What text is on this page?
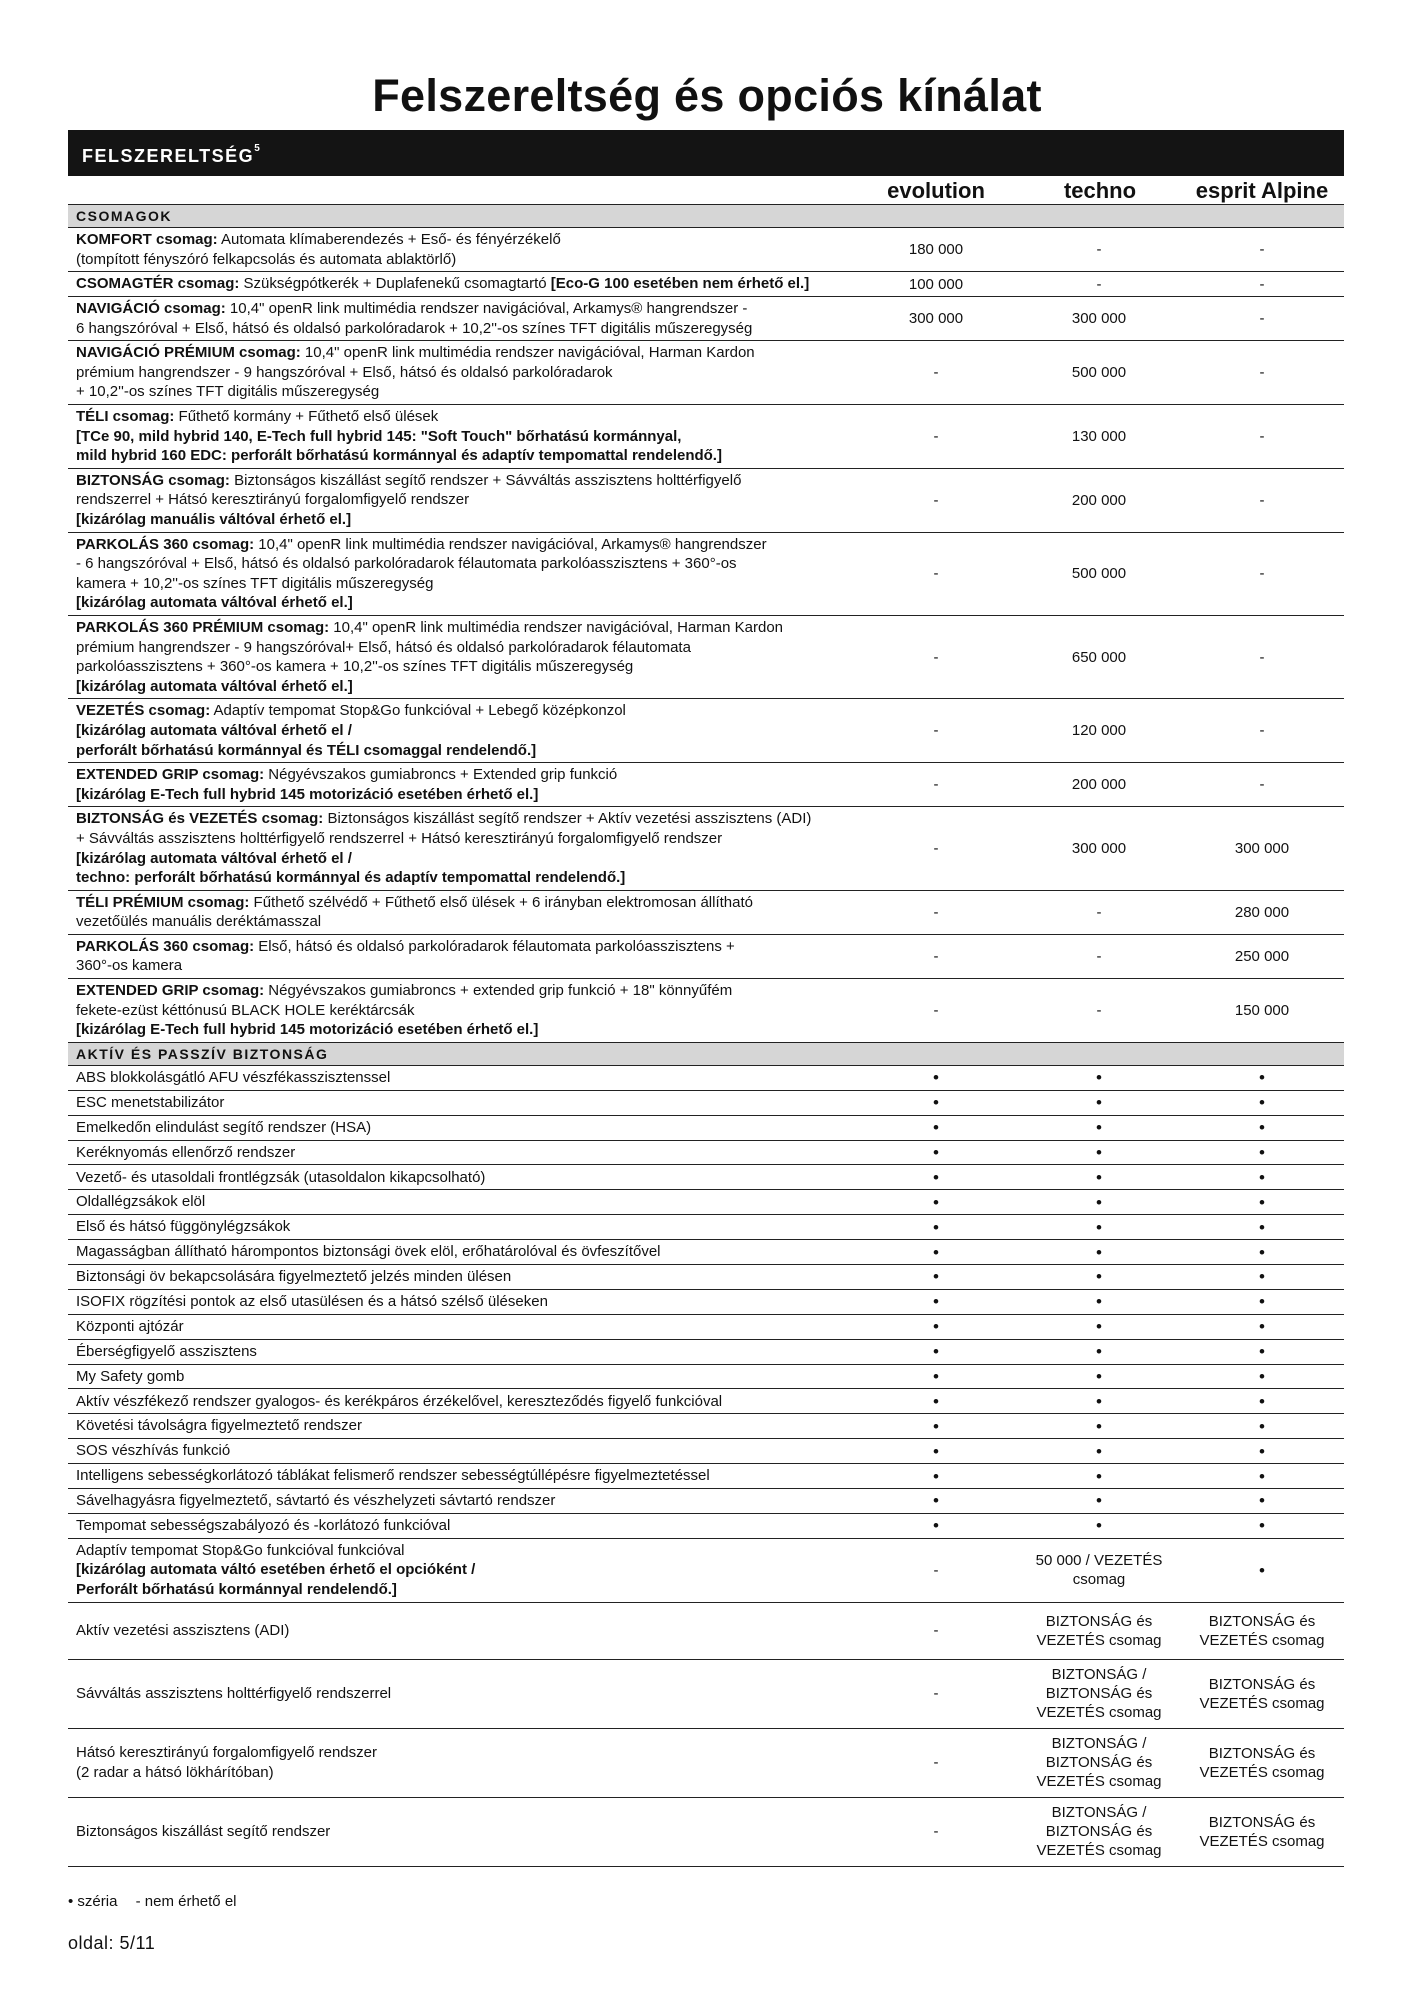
Felszereltség és opciós kínálat
FELSZERELTSÉG$^5$
evolution	techno	esprit Alpine
CSOMAGOK			
KOMFORT csomag: Automata klímaberendezés + Eső- és fényérzékelő
(tompított fényszóró felkapcsolás és automata ablaktörlő)	180 000	-	-
CSOMAGTÉR csomag: Szükségpótkerék + Duplafenekű csomagtartó [Eco-G 100 esetében nem érhető el.]	100 000	-	-
NAVIGÁCIÓ csomag: 10,4" openR link multimédia rendszer navigációval, Arkamys® hangrendszer -
6 hangszóróval + Első, hátsó és oldalsó parkolóradarok + 10,2''-os színes TFT digitális műszeregység	300 000	300 000	-
NAVIGÁCIÓ PRÉMIUM csomag: 10,4" openR link multimédia rendszer navigációval, Harman Kardon
prémium hangrendszer - 9 hangszóróval + Első, hátsó és oldalsó parkolóradarok
+ 10,2''-os színes TFT digitális műszeregység	-	500 000	-
TÉLI csomag: Fűthető kormány + Fűthető első ülések
[TCe 90, mild hybrid 140, E-Tech full hybrid 145: "Soft Touch" bőrhatású kormánnyal,
mild hybrid 160 EDC: perforált bőrhatású kormánnyal és adaptív tempomattal rendelendő.]	-	130 000	-
BIZTONSÁG csomag: Biztonságos kiszállást segítő rendszer + Sávváltás asszisztens holttérfigyelő
rendszerrel + Hátsó keresztirányú forgalomfigyelő rendszer
[kizárólag manuális váltóval érhető el.]	-	200 000	-
PARKOLÁS 360 csomag: 10,4" openR link multimédia rendszer navigációval, Arkamys® hangrendszer
- 6 hangszóróval + Első, hátsó és oldalsó parkolóradarok félautomata parkolóasszisztens + 360°-os
kamera + 10,2''-os színes TFT digitális műszeregység
[kizárólag automata váltóval érhető el.]	-	500 000	-
PARKOLÁS 360 PRÉMIUM csomag: 10,4" openR link multimédia rendszer navigációval, Harman Kardon
prémium hangrendszer - 9 hangszóróval+ Első, hátsó és oldalsó parkolóradarok félautomata
parkolóasszisztens + 360°-os kamera + 10,2''-os színes TFT digitális műszeregység
[kizárólag automata váltóval érhető el.]	-	650 000	-
VEZETÉS csomag: Adaptív tempomat Stop&Go funkcióval + Lebegő középkonzol
[kizárólag automata váltóval érhető el /
perforált bőrhatású kormánnyal és TÉLI csomaggal rendelendő.]	-	120 000	-
EXTENDED GRIP csomag: Négyévszakos gumiabroncs + Extended grip funkció
[kizárólag E-Tech full hybrid 145 motorizáció esetében érhető el.]	-	200 000	-
BIZTONSÁG és VEZETÉS csomag: Biztonságos kiszállást segítő rendszer + Aktív vezetési asszisztens (ADI)
+ Sávváltás asszisztens holttérfigyelő rendszerrel + Hátsó keresztirányú forgalomfigyelő rendszer
[kizárólag automata váltóval érhető el /
techno: perforált bőrhatású kormánnyal és adaptív tempomattal rendelendő.]	-	300 000	300 000
TÉLI PRÉMIUM csomag: Fűthető szélvédő + Fűthető első ülések + 6 irányban elektromosan állítható
vezetőülés manuális deréktámasszal	-	-	280 000
PARKOLÁS 360 csomag: Első, hátsó és oldalsó parkolóradarok félautomata parkolóasszisztens +
360°-os kamera	-	-	250 000
EXTENDED GRIP csomag: Négyévszakos gumiabroncs + extended grip funkció + 18" könnyűfém
fekete-ezüst kéttónusú BLACK HOLE keréktárcsák
[kizárólag E-Tech full hybrid 145 motorizáció esetében érhető el.]	-	-	150 000
AKTÍV ÉS PASSZÍV BIZTONSÁG			
ABS blokkolásgátló AFU vészfékasszisztenssel	•	•	•
ESC menetstabilizátor	•	•	•
Emelkedőn elindulást segítő rendszer (HSA)	•	•	•
Keréknyomás ellenőrző rendszer	•	•	•
Vezető- és utasoldali frontlégzsák (utasoldalon kikapcsolható)	•	•	•
Oldallégzsákok elöl	•	•	•
Első és hátsó függönylégzsákok	•	•	•
Magasságban állítható hárompontos biztonsági övek elöl, erőhatárolóval és övfeszítővel	•	•	•
Biztonsági öv bekapcsolására figyelmeztető jelzés minden ülésen	•	•	•
ISOFIX rögzítési pontok az első utasülésen és a hátsó szélső üléseken	•	•	•
Központi ajtózár	•	•	•
Éberségfigyelő asszisztens	•	•	•
My Safety gomb	•	•	•
Aktív vészfékező rendszer gyalogos- és kerékpáros érzékelővel, kereszteződés figyelő funkcióval	•	•	•
Követési távolságra figyelmeztető rendszer	•	•	•
SOS vészhívás funkció	•	•	•
Intelligens sebességkorlátozó táblákat felismerő rendszer sebességtúllépésre figyelmeztetéssel	•	•	•
Sávelhagyásra figyelmeztető, sávtartó és vészhelyzeti sávtartó rendszer	•	•	•
Tempomat sebességszabályozó és -korlátozó funkcióval	•	•	•
Adaptív tempomat Stop&Go funkcióval funkcióval
[kizárólag automata váltó esetében érhető el opcióként /
Perforált bőrhatású kormánnyal rendelendő.]	-	50 000 / VEZETÉS csomag	•
Aktív vezetési asszisztens (ADI)	-	BIZTONSÁG és VEZETÉS csomag	BIZTONSÁG és VEZETÉS csomag
Sávváltás asszisztens holttérfigyelő rendszerrel	-	BIZTONSÁG / BIZTONSÁG és VEZETÉS csomag	BIZTONSÁG és VEZETÉS csomag
Hátsó keresztirányú forgalomfigyelő rendszer
(2 radar a hátsó lökhárítóban)	-	BIZTONSÁG / BIZTONSÁG és VEZETÉS csomag	BIZTONSÁG és VEZETÉS csomag
Biztonságos kiszállást segítő rendszer	-	BIZTONSÁG / BIZTONSÁG és VEZETÉS csomag	BIZTONSÁG és VEZETÉS csomag
• széria - nem érhető el
oldal: 5/11
